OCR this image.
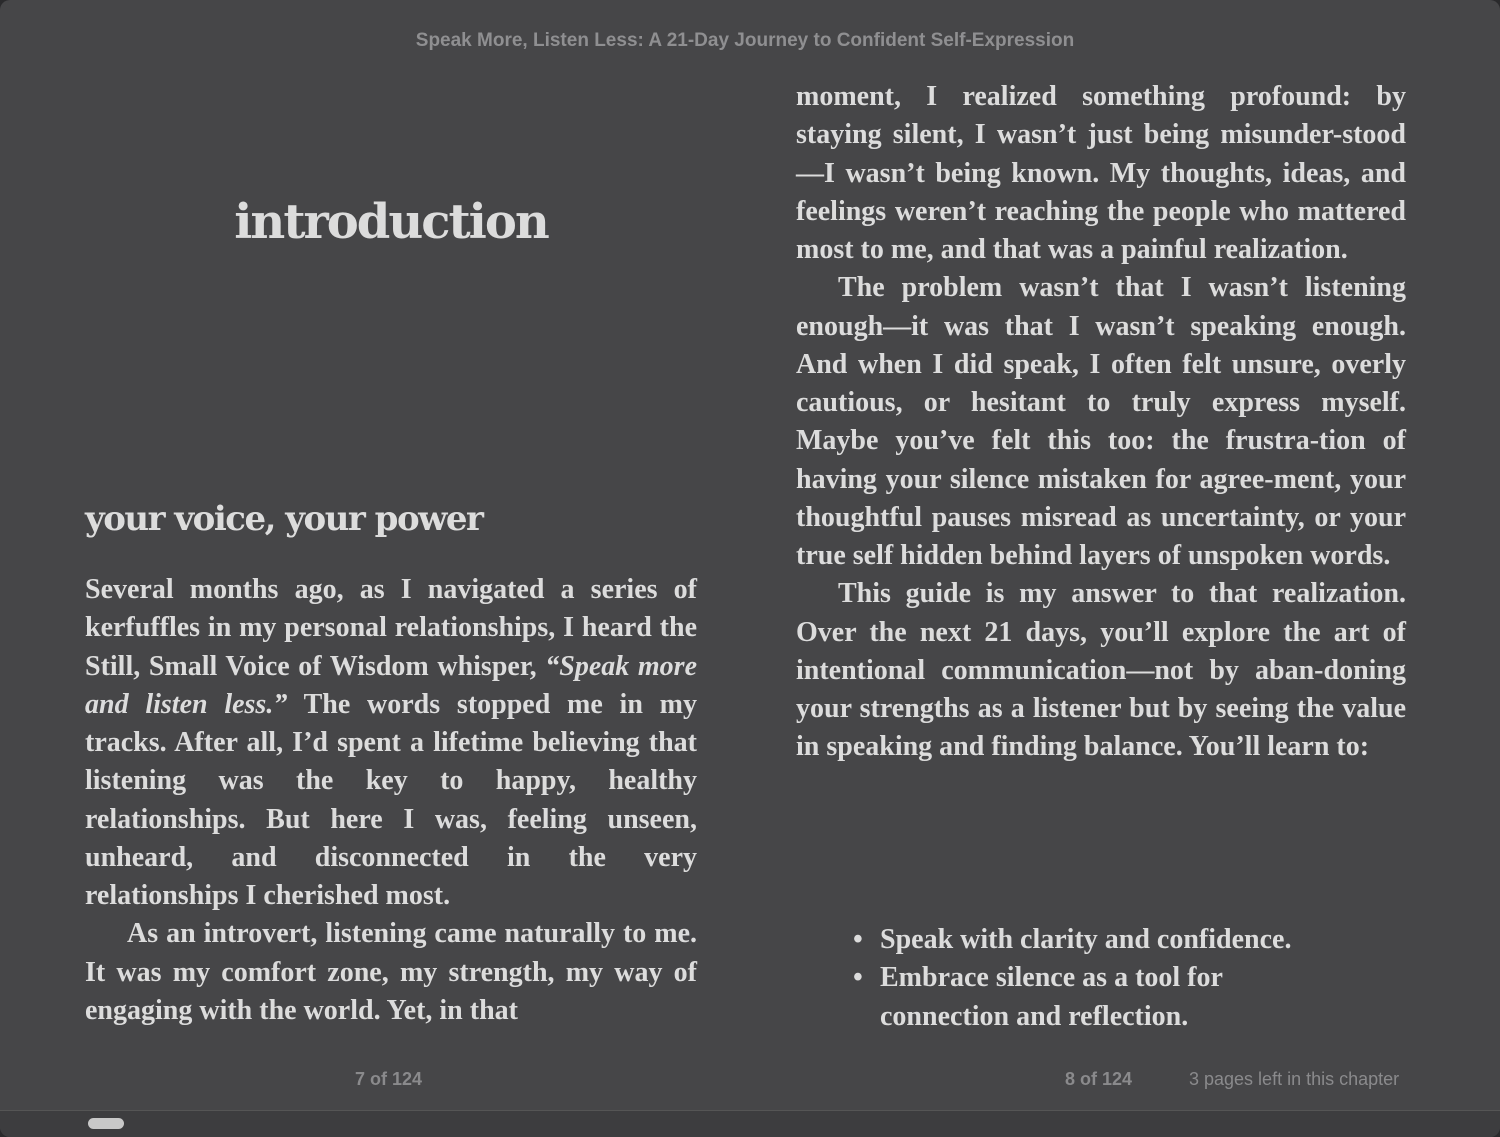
Speak More, Listen Less: A 21-Day Journey to Confident Self-Expression
introduction
your voice, your power

Several months ago, as I navigated a series of kerfuffles in my personal relationships, I heard the Still, Small Voice of Wisdom whisper, “Speak more and listen less.” The words stopped me in my tracks. After all, I’d spent a lifetime believing that listening was the key to happy, healthy relationships. But here I was, feeling unseen, unheard, and disconnected in the very relationships I cherished most.

As an introvert, listening came naturally to me. It was my comfort zone, my strength, my way of engaging with the world. Yet, in that

moment, I realized something profound: by staying silent, I wasn’t just being misunder-stood—I wasn’t being known. My thoughts, ideas, and feelings weren’t reaching the people who mattered most to me, and that was a painful realization.

The problem wasn’t that I wasn’t listening enough—it was that I wasn’t speaking enough. And when I did speak, I often felt unsure, overly cautious, or hesitant to truly express myself. Maybe you’ve felt this too: the frustra-tion of having your silence mistaken for agree-ment, your thoughtful pauses misread as uncertainty, or your true self hidden behind layers of unspoken words.

This guide is my answer to that realization. Over the next 21 days, you’ll explore the art of intentional communication—not by aban-doning your strengths as a listener but by seeing the value in speaking and finding balance. You’ll learn to:

• Speak with clarity and confidence.
• Embrace silence as a tool for connection and reflection.
7 of 124	8 of 124	3 pages left in this chapter
